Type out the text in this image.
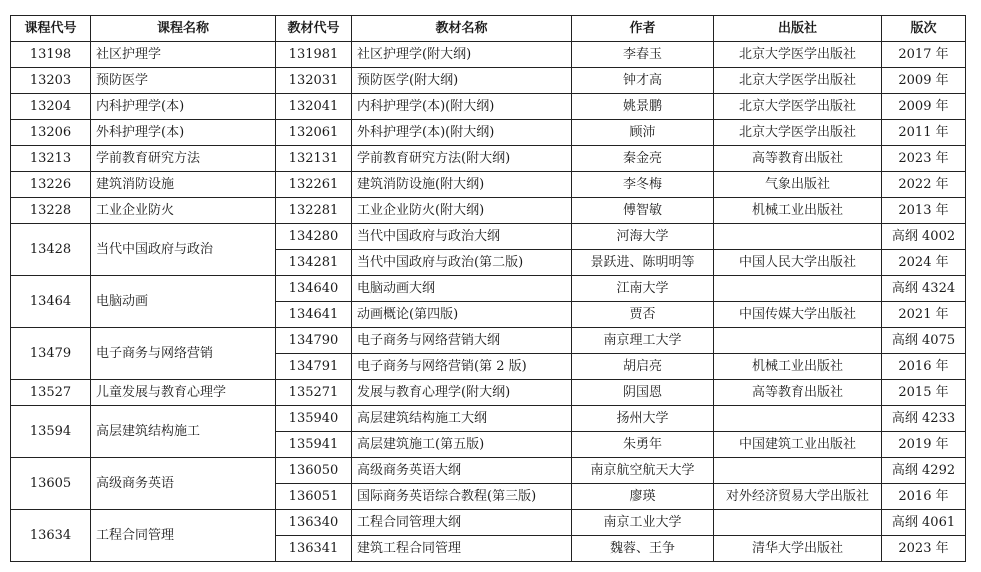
课程代号	课程名称	教材代号	教材名称	作者	出版社	版次
13198	社区护理学	131981	社区护理学(附大纲)	李春玉	北京大学医学出版社	2017 年
13203	预防医学	132031	预防医学(附大纲)	钟才高	北京大学医学出版社	2009 年
13204	内科护理学(本)	132041	内科护理学(本)(附大纲)	姚景鹏	北京大学医学出版社	2009 年
13206	外科护理学(本)	132061	外科护理学(本)(附大纲)	顾沛	北京大学医学出版社	2011 年
13213	学前教育研究方法	132131	学前教育研究方法(附大纲)	秦金亮	高等教育出版社	2023 年
13226	建筑消防设施	132261	建筑消防设施(附大纲)	李冬梅	气象出版社	2022 年
13228	工业企业防火	132281	工业企业防火(附大纲)	傅智敏	机械工业出版社	2013 年
13428	当代中国政府与政治	134280	当代中国政府与政治大纲	河海大学		高纲 4002
		134281	当代中国政府与政治(第二版)	景跃进、陈明明等	中国人民大学出版社	2024 年
13464	电脑动画	134640	电脑动画大纲	江南大学		高纲 4324
		134641	动画概论(第四版)	贾否	中国传媒大学出版社	2021 年
13479	电子商务与网络营销	134790	电子商务与网络营销大纲	南京理工大学		高纲 4075
		134791	电子商务与网络营销(第 2 版)	胡启亮	机械工业出版社	2016 年
13527	儿童发展与教育心理学	135271	发展与教育心理学(附大纲)	阴国恩	高等教育出版社	2015 年
13594	高层建筑结构施工	135940	高层建筑结构施工大纲	扬州大学		高纲 4233
		135941	高层建筑施工(第五版)	朱勇年	中国建筑工业出版社	2019 年
13605	高级商务英语	136050	高级商务英语大纲	南京航空航天大学		高纲 4292
		136051	国际商务英语综合教程(第三版)	廖瑛	对外经济贸易大学出版社	2016 年
13634	工程合同管理	136340	工程合同管理大纲	南京工业大学		高纲 4061
		136341	建筑工程合同管理	魏蓉、王争	清华大学出版社	2023 年
